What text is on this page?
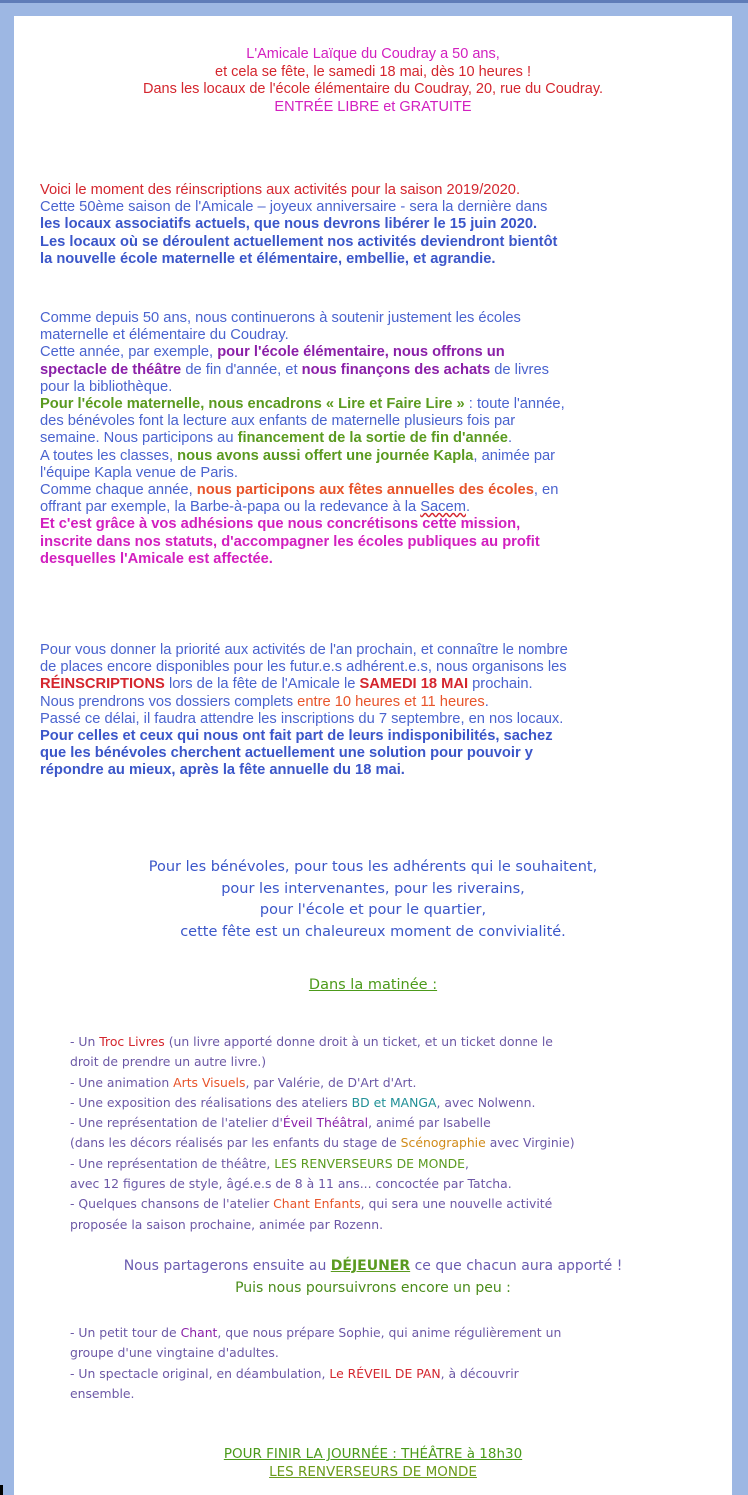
L'Amicale Laïque du Coudray a 50 ans,
et cela se fête, le samedi 18 mai, dès 10 heures !
Dans les locaux de l'école élémentaire du Coudray, 20, rue du Coudray.
ENTRÉE LIBRE et GRATUITE
Voici le moment des réinscriptions aux activités pour la saison 2019/2020.
Cette 50ème saison de l'Amicale – joyeux anniversaire - sera la dernière dans
les locaux associatifs actuels, que nous devrons libérer le 15 juin 2020.
Les locaux où se déroulent actuellement nos activités deviendront bientôt
la nouvelle école maternelle et élémentaire, embellie, et agrandie.
Comme depuis 50 ans, nous continuerons à soutenir justement les écoles
maternelle et élémentaire du Coudray.
Cette année, par exemple, pour l'école élémentaire, nous offrons un
spectacle de théâtre de fin d'année, et nous finançons des achats de livres
pour la bibliothèque.
Pour l'école maternelle, nous encadrons « Lire et Faire Lire » : toute l'année,
des bénévoles font la lecture aux enfants de maternelle plusieurs fois par
semaine. Nous participons au financement de la sortie de fin d'année.
A toutes les classes, nous avons aussi offert une journée Kapla, animée par
l'équipe Kapla venue de Paris.
Comme chaque année, nous participons aux fêtes annuelles des écoles, en
offrant par exemple, la Barbe-à-papa ou la redevance à la Sacem.
Et c'est grâce à vos adhésions que nous concrétisons cette mission,
inscrite dans nos statuts, d'accompagner les écoles publiques au profit
desquelles l'Amicale est affectée.
Pour vous donner la priorité aux activités de l'an prochain, et connaître le nombre
de places encore disponibles pour les futur.e.s adhérent.e.s, nous organisons les
RÉINSCRIPTIONS lors de la fête de l'Amicale le SAMEDI 18 MAI prochain.
Nous prendrons vos dossiers complets entre 10 heures et 11 heures.
Passé ce délai, il faudra attendre les inscriptions du 7 septembre, en nos locaux.
Pour celles et ceux qui nous ont fait part de leurs indisponibilités, sachez
que les bénévoles cherchent actuellement une solution pour pouvoir y
répondre au mieux, après la fête annuelle du 18 mai.
Pour les bénévoles, pour tous les adhérents qui le souhaitent,
pour les intervenantes, pour les riverains,
pour l'école et pour le quartier,
cette fête est un chaleureux moment de convivialité.
Dans la matinée :
- Un Troc Livres (un livre apporté donne droit à un ticket, et un ticket donne le
droit de prendre un autre livre.)
- Une animation Arts Visuels, par Valérie, de D'Art d'Art.
- Une exposition des réalisations des ateliers BD et MANGA, avec Nolwenn.
- Une représentation de l'atelier d'Éveil Théâtral, animé par Isabelle
(dans les décors réalisés par les enfants du stage de Scénographie avec Virginie)
- Une représentation de théâtre, LES RENVERSEURS DE MONDE,
avec 12 figures de style, âgé.e.s de 8 à 11 ans... concoctée par Tatcha.
- Quelques chansons de l'atelier Chant Enfants, qui sera une nouvelle activité
proposée la saison prochaine, animée par Rozenn.
Nous partagerons ensuite au DÉJEUNER ce que chacun aura apporté !
Puis nous poursuivrons encore un peu :
- Un petit tour de Chant, que nous prépare Sophie, qui anime régulièrement un
groupe d'une vingtaine d'adultes.
- Un spectacle original, en déambulation, Le RÉVEIL DE PAN, à découvrir
ensemble.
POUR FINIR LA JOURNÉE : THÉÂTRE à 18h30
LES RENVERSEURS DE MONDE
